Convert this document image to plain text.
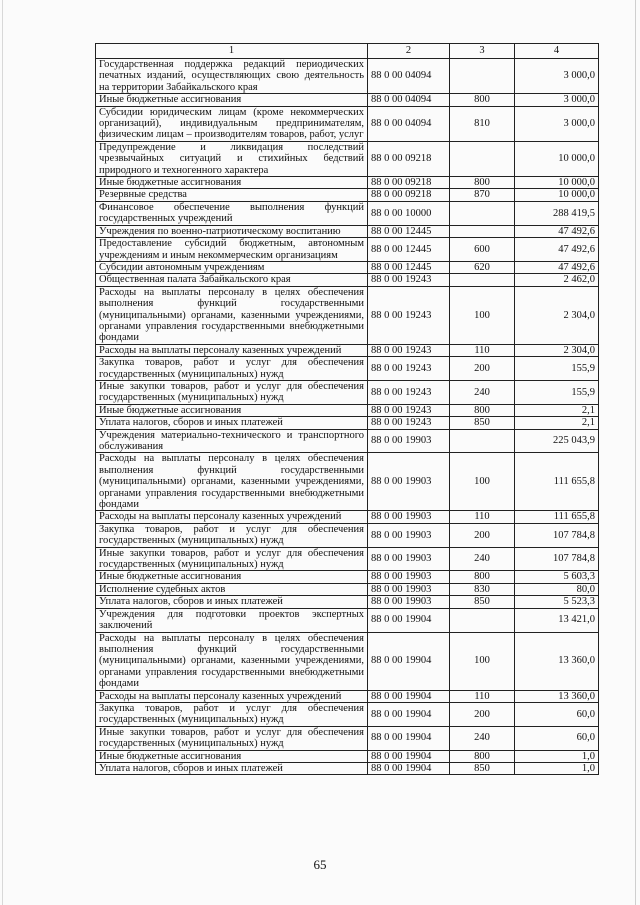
1	2	3	4
Государственная поддержка редакций периодических печатных изданий, осуществляющих свою деятельность на территории Забайкальского края	88 0 00 04094		3 000,0
Иные бюджетные ассигнования	88 0 00 04094	800	3 000,0
Субсидии юридическим лицам (кроме некоммерческих организаций), индивидуальным предпринимателям, физическим лицам – производителям товаров, работ, услуг	88 0 00 04094	810	3 000,0
Предупреждение и ликвидация последствий чрезвычайных ситуаций и стихийных бедствий природного и техногенного характера	88 0 00 09218		10 000,0
Иные бюджетные ассигнования	88 0 00 09218	800	10 000,0
Резервные средства	88 0 00 09218	870	10 000,0
Финансовое обеспечение выполнения функций государственных учреждений	88 0 00 10000		288 419,5
Учреждения по военно-патриотическому воспитанию	88 0 00 12445		47 492,6
Предоставление субсидий бюджетным, автономным учреждениям и иным некоммерческим организациям	88 0 00 12445	600	47 492,6
Субсидии автономным учреждениям	88 0 00 12445	620	47 492,6
Общественная палата Забайкальского края	88 0 00 19243		2 462,0
Расходы на выплаты персоналу в целях обеспечения выполнения функций государственными (муниципальными) органами, казенными учреждениями, органами управления государственными внебюджетными фондами	88 0 00 19243	100	2 304,0
Расходы на выплаты персоналу казенных учреждений	88 0 00 19243	110	2 304,0
Закупка товаров, работ и услуг для обеспечения государственных (муниципальных) нужд	88 0 00 19243	200	155,9
Иные закупки товаров, работ и услуг для обеспечения государственных (муниципальных) нужд	88 0 00 19243	240	155,9
Иные бюджетные ассигнования	88 0 00 19243	800	2,1
Уплата налогов, сборов и иных платежей	88 0 00 19243	850	2,1
Учреждения материально-технического и транспортного обслуживания	88 0 00 19903		225 043,9
Расходы на выплаты персоналу в целях обеспечения выполнения функций государственными (муниципальными) органами, казенными учреждениями, органами управления государственными внебюджетными фондами	88 0 00 19903	100	111 655,8
Расходы на выплаты персоналу казенных учреждений	88 0 00 19903	110	111 655,8
Закупка товаров, работ и услуг для обеспечения государственных (муниципальных) нужд	88 0 00 19903	200	107 784,8
Иные закупки товаров, работ и услуг для обеспечения государственных (муниципальных) нужд	88 0 00 19903	240	107 784,8
Иные бюджетные ассигнования	88 0 00 19903	800	5 603,3
Исполнение судебных актов	88 0 00 19903	830	80,0
Уплата налогов, сборов и иных платежей	88 0 00 19903	850	5 523,3
Учреждения для подготовки проектов экспертных заключений	88 0 00 19904		13 421,0
Расходы на выплаты персоналу в целях обеспечения выполнения функций государственными (муниципальными) органами, казенными учреждениями, органами управления государственными внебюджетными фондами	88 0 00 19904	100	13 360,0
Расходы на выплаты персоналу казенных учреждений	88 0 00 19904	110	13 360,0
Закупка товаров, работ и услуг для обеспечения государственных (муниципальных) нужд	88 0 00 19904	200	60,0
Иные закупки товаров, работ и услуг для обеспечения государственных (муниципальных) нужд	88 0 00 19904	240	60,0
Иные бюджетные ассигнования	88 0 00 19904	800	1,0
Уплата налогов, сборов и иных платежей	88 0 00 19904	850	1,0
65
